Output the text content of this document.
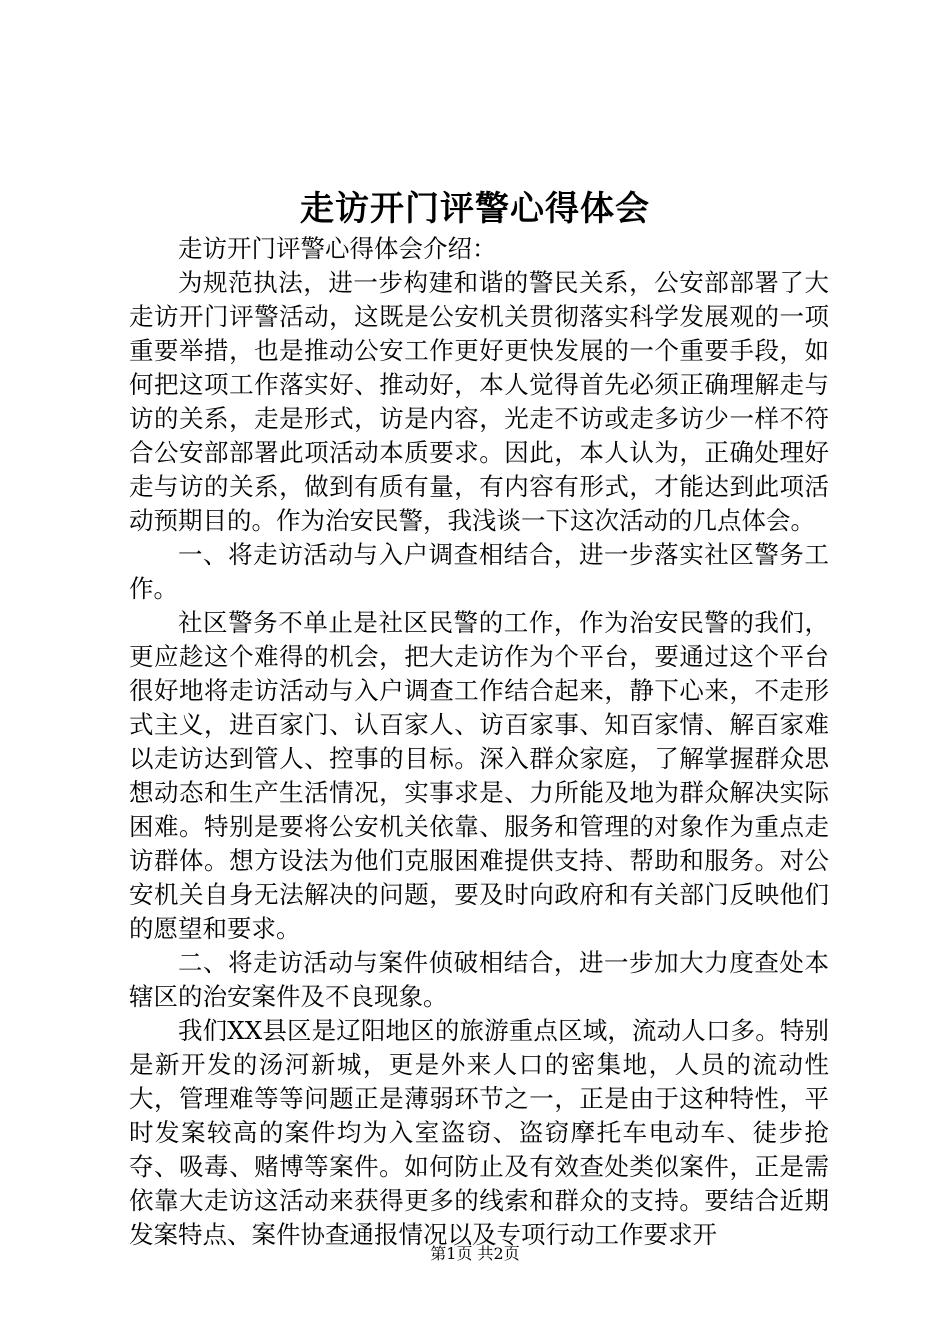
走访开门评警心得体会

走访开门评警心得体会介绍：

为规范执法，进一步构建和谐的警民关系，公安部部署了大走访开门评警活动，这既是公安机关贯彻落实科学发展观的一项重要举措，也是推动公安工作更好更快发展的一个重要手段，如何把这项工作落实好、推动好，本人觉得首先必须正确理解走与访的关系，走是形式，访是内容，光走不访或走多访少一样不符合公安部部署此项活动本质要求。因此，本人认为，正确处理好走与访的关系，做到有质有量，有内容有形式，才能达到此项活动预期目的。作为治安民警，我浅谈一下这次活动的几点体会。

一、将走访活动与入户调查相结合，进一步落实社区警务工作。

社区警务不单止是社区民警的工作，作为治安民警的我们，更应趁这个难得的机会，把大走访作为个平台，要通过这个平台很好地将走访活动与入户调查工作结合起来，静下心来，不走形式主义，进百家门、认百家人、访百家事、知百家情、解百家难以走访达到管人、控事的目标。深入群众家庭，了解掌握群众思想动态和生产生活情况，实事求是、力所能及地为群众解决实际困难。特别是要将公安机关依靠、服务和管理的对象作为重点走访群体。想方设法为他们克服困难提供支持、帮助和服务。对公安机关自身无法解决的问题，要及时向政府和有关部门反映他们的愿望和要求。

二、将走访活动与案件侦破相结合，进一步加大力度查处本辖区的治安案件及不良现象。

我们XX县区是辽阳地区的旅游重点区域，流动人口多。特别是新开发的汤河新城，更是外来人口的密集地，人员的流动性大，管理难等等问题正是薄弱环节之一，正是由于这种特性，平时发案较高的案件均为入室盗窃、盗窃摩托车电动车、徒步抢夺、吸毒、赌博等案件。如何防止及有效查处类似案件，正是需依靠大走访这活动来获得更多的线索和群众的支持。要结合近期发案特点、案件协查通报情况以及专项行动工作要求开

第1页 共2页
